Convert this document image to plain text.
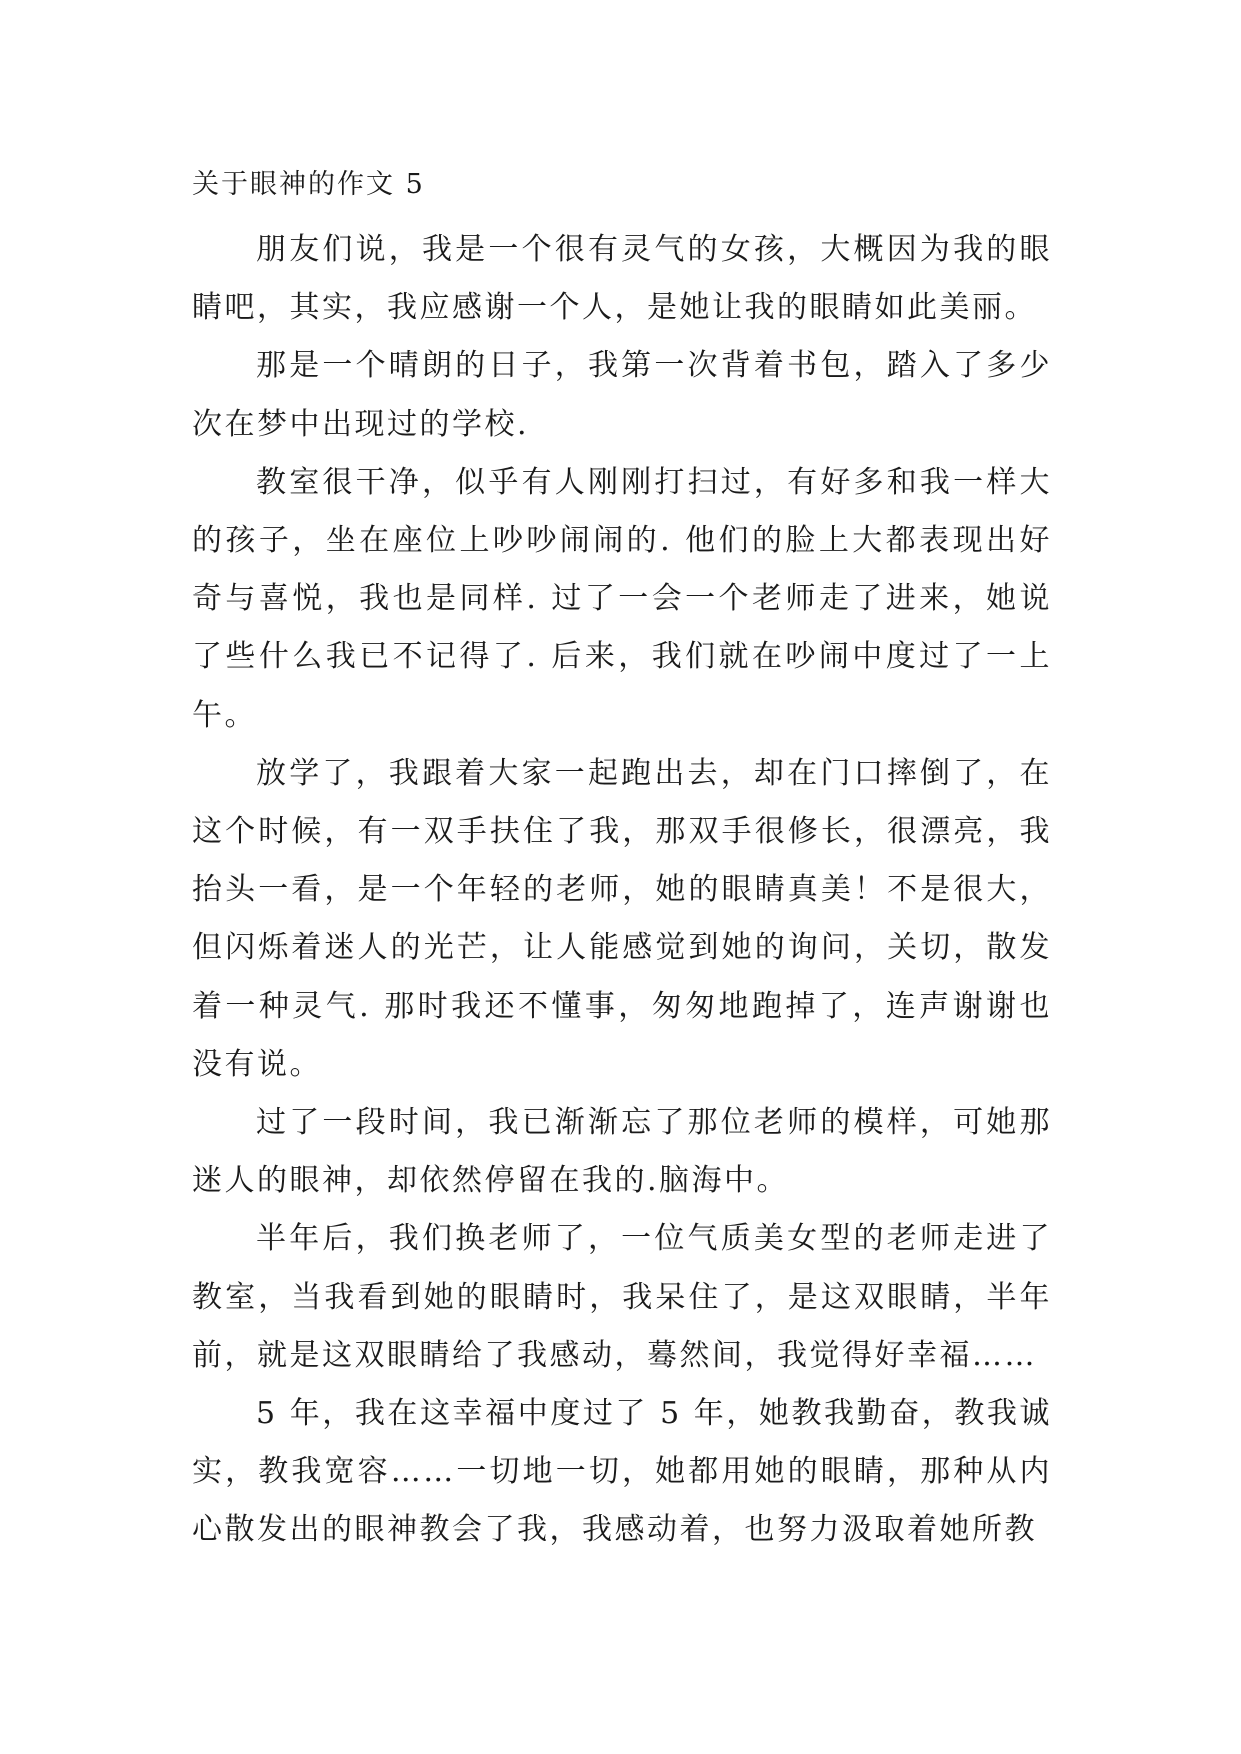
关于眼神的作文 5

朋友们说，我是一个很有灵气的女孩，大概因为我的眼睛吧，其实，我应感谢一个人，是她让我的眼睛如此美丽。

那是一个晴朗的日子，我第一次背着书包，踏入了多少次在梦中出现过的学校.

教室很干净，似乎有人刚刚打扫过，有好多和我一样大的孩子，坐在座位上吵吵闹闹的. 他们的脸上大都表现出好奇与喜悦，我也是同样. 过了一会一个老师走了进来，她说了些什么我已不记得了. 后来，我们就在吵闹中度过了一上午。

放学了，我跟着大家一起跑出去，却在门口摔倒了，在这个时候，有一双手扶住了我，那双手很修长，很漂亮，我抬头一看，是一个年轻的老师，她的眼睛真美！不是很大，但闪烁着迷人的光芒，让人能感觉到她的询问，关切，散发着一种灵气. 那时我还不懂事，匆匆地跑掉了，连声谢谢也没有说。

过了一段时间，我已渐渐忘了那位老师的模样，可她那迷人的眼神，却依然停留在我的.脑海中。

半年后，我们换老师了，一位气质美女型的老师走进了教室，当我看到她的眼睛时，我呆住了，是这双眼睛，半年前，就是这双眼睛给了我感动，蓦然间，我觉得好幸福……

5 年，我在这幸福中度过了 5 年，她教我勤奋，教我诚实，教我宽容……一切地一切，她都用她的眼睛，那种从内心散发出的眼神教会了我，我感动着，也努力汲取着她所教
